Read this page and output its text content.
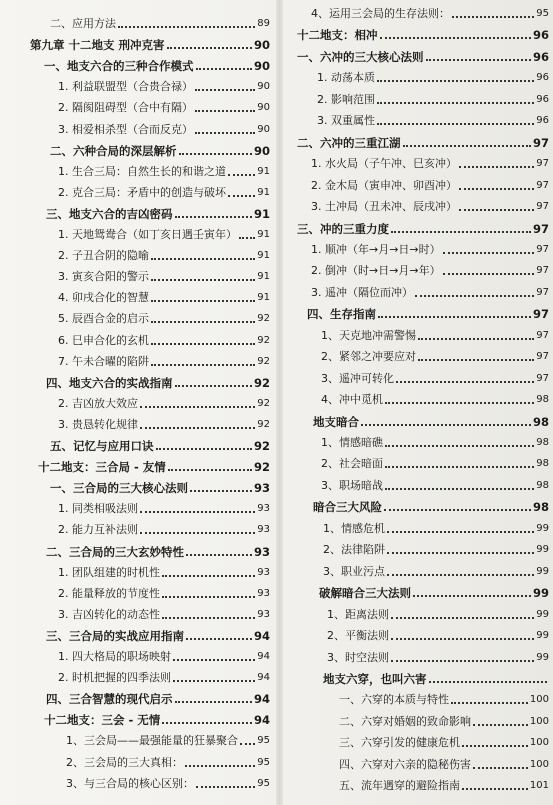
二、应用方法	89
第九章 十二地支 刑冲克害	90
一、地支六合的三种合作模式	90
1. 利益联盟型（合贵合禄）	90
2. 隔阂阻碍型（合中有隔）	90
3. 相爱相杀型（合而反克）	90
二、六种合局的深层解析	90
1. 生合三局：自然生长的和谐之道	91
2. 克合三局：矛盾中的创造与破坏	91
三、地支六合的吉凶密码	91
1. 天地鸳鸯合（如丁亥日遇壬寅年） 91
2. 子丑合阴的隐喻	91
3. 寅亥合阳的警示	91
4. 卯戌合化的智慧	91
5. 辰酉合金的启示	92
6. 巳申合化的玄机	92
7. 午未合曜的陷阱	92
四、地支六合的实战指南	92
2. 吉凶放大效应	92
3. 贵恳转化规律	92
五、记忆与应用口诀	92
十二地支：三合局 - 友情	92
一、三合局的三大核心法则	93
1. 同类相吸法则	93
2. 能力互补法则	93
二、三合局的三大玄妙特性	93
1. 团队组建的时机性	93
2. 能量释放的节度性	93
3. 吉凶转化的动态性	93
三、三合局的实战应用指南	94
1. 四大格局的职场映射	94
2. 时机把握的四季法则	94
四、三合智慧的现代启示	94
十二地支：三会 - 无情	94
1、三会局——最强能量的狂暴聚合 95
2、三会局的三大真相：	95
3、与三合局的核心区别：	95
4、运用三会局的生存法则：	95
十二地支：相冲	96
一、六冲的三大核心法则	96
1. 动荡本质	96
2. 影响范围	96
3. 双重属性	96
二、六冲的三重江湖	97
1. 水火局（子午冲、巳亥冲）	97
2. 金木局（寅申冲、卯酉冲）	97
3. 土冲局（丑未冲、辰戌冲）	97
三、冲的三重力度	97
1. 顺冲（年→月→日→时）	97
2. 倒冲（时→日→月→年）	97
3. 遥冲（隔位而冲）	97
四、生存指南	97
1、天克地冲需警惕	97
2、紧邻之冲要应对	97
3、遥冲可转化	97
4、冲中觅机	98
地支暗合	98
1、情感暗礁	98
2、社会暗面	98
3、职场暗战	98
暗合三大风险	98
1、情感危机	99
2、法律陷阱	99
3、职业污点	99
破解暗合三大法则	99
1、距离法则	99
2、平衡法则	99
3、时空法则	99
地支六穿，也叫六害
一、六穿的本质与特性	100
二、六穿对婚姻的致命影响	100
三、六穿引发的健康危机	100
四、六穿对六亲的隐秘伤害	100
五、流年遇穿的避险指南	101
